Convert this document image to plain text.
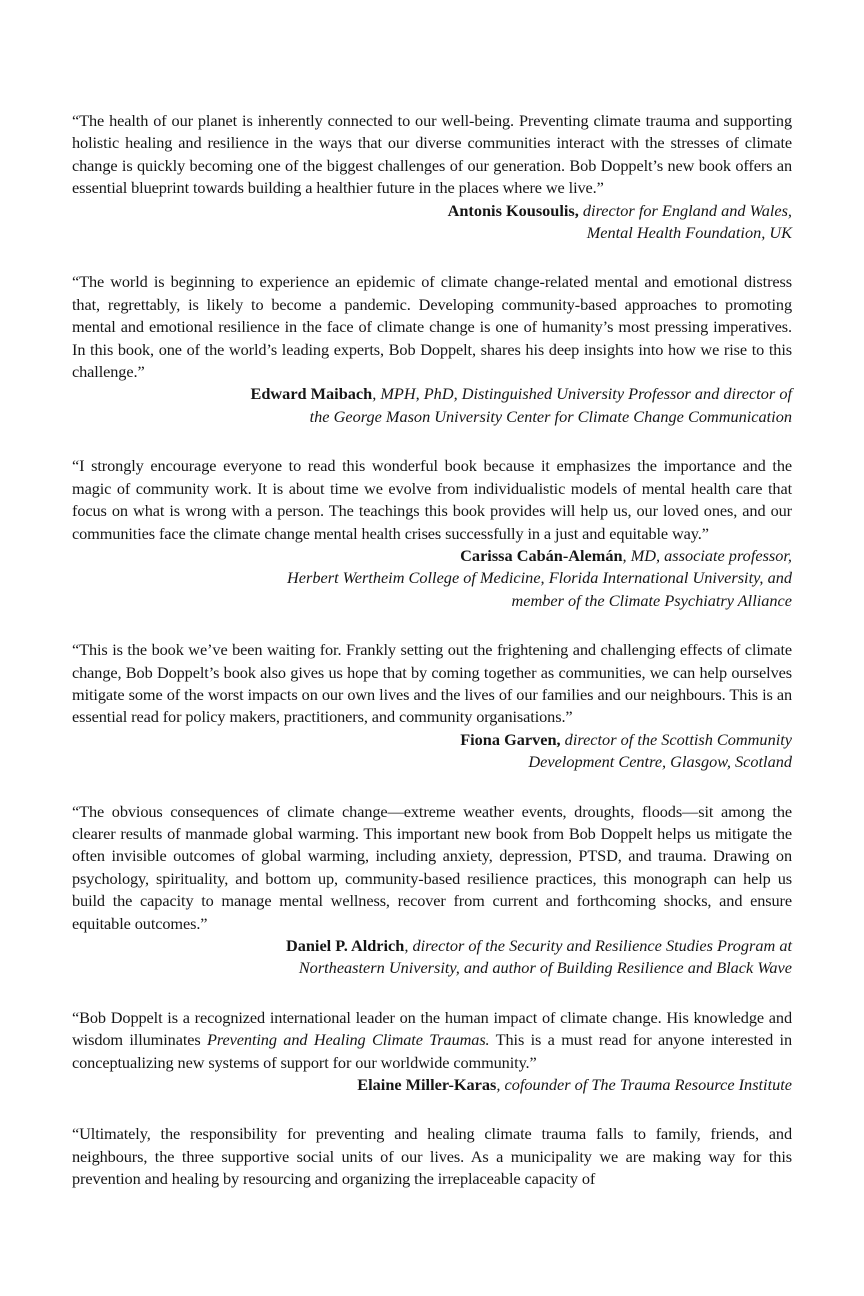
“The health of our planet is inherently connected to our well-being. Preventing climate trauma and supporting holistic healing and resilience in the ways that our diverse communities interact with the stresses of climate change is quickly becoming one of the biggest challenges of our generation. Bob Doppelt’s new book offers an essential blueprint towards building a healthier future in the places where we live.”

Antonis Kousoulis, director for England and Wales,
Mental Health Foundation, UK

“The world is beginning to experience an epidemic of climate change-related mental and emotional distress that, regrettably, is likely to become a pandemic. Developing community-based approaches to promoting mental and emotional resilience in the face of climate change is one of humanity’s most pressing imperatives. In this book, one of the world’s leading experts, Bob Doppelt, shares his deep insights into how we rise to this challenge.”

Edward Maibach, MPH, PhD, Distinguished University Professor and director of
the George Mason University Center for Climate Change Communication

“I strongly encourage everyone to read this wonderful book because it emphasizes the importance and the magic of community work. It is about time we evolve from individualistic models of mental health care that focus on what is wrong with a person. The teachings this book provides will help us, our loved ones, and our communities face the climate change mental health crises successfully in a just and equitable way.”

Carissa Cabán-Alemán, MD, associate professor,
Herbert Wertheim College of Medicine, Florida International University, and
member of the Climate Psychiatry Alliance

“This is the book we’ve been waiting for. Frankly setting out the frightening and challenging effects of climate change, Bob Doppelt’s book also gives us hope that by coming together as communities, we can help ourselves mitigate some of the worst impacts on our own lives and the lives of our families and our neighbours. This is an essential read for policy makers, practitioners, and community organisations.”

Fiona Garven, director of the Scottish Community
Development Centre, Glasgow, Scotland

“The obvious consequences of climate change—extreme weather events, droughts, floods—sit among the clearer results of manmade global warming. This important new book from Bob Doppelt helps us mitigate the often invisible outcomes of global warming, including anxiety, depression, PTSD, and trauma. Drawing on psychology, spirituality, and bottom up, community-based resilience practices, this monograph can help us build the capacity to manage mental wellness, recover from current and forthcoming shocks, and ensure equitable outcomes.”

Daniel P. Aldrich, director of the Security and Resilience Studies Program at
Northeastern University, and author of Building Resilience and Black Wave

“Bob Doppelt is a recognized international leader on the human impact of climate change. His knowledge and wisdom illuminates Preventing and Healing Climate Traumas. This is a must read for anyone interested in conceptualizing new systems of support for our worldwide community.”

Elaine Miller-Karas, cofounder of The Trauma Resource Institute

“Ultimately, the responsibility for preventing and healing climate trauma falls to family, friends, and neighbours, the three supportive social units of our lives. As a municipality we are making way for this prevention and healing by resourcing and organizing the irreplaceable capacity of
